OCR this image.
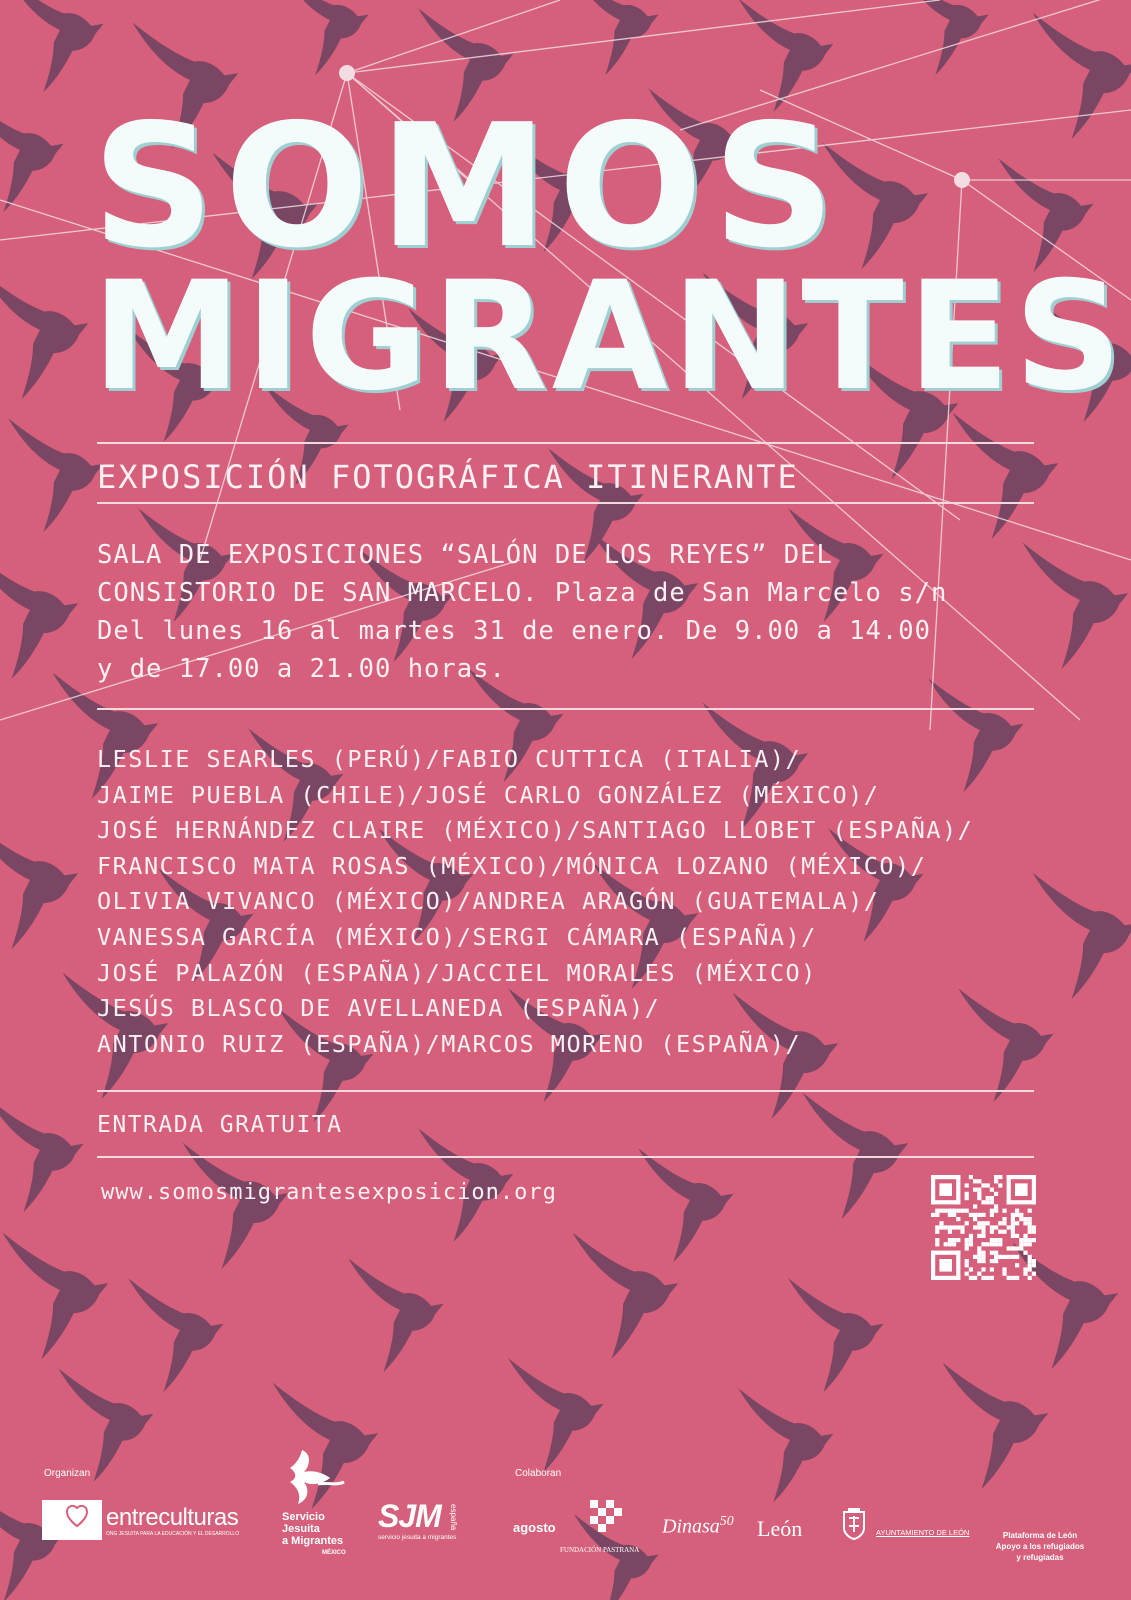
SOMOS
MIGRANTES
EXPOSICIÓN FOTOGRÁFICA ITINERANTE
SALA DE EXPOSICIONES “SALÓN DE LOS REYES” DEL
CONSISTORIO DE SAN MARCELO. Plaza de San Marcelo s/n
Del lunes 16 al martes 31 de enero. De 9.00 a 14.00
y de 17.00 a 21.00 horas.
LESLIE SEARLES (PERÚ)/FABIO CUTTICA (ITALIA)/
JAIME PUEBLA (CHILE)/JOSÉ CARLO GONZÁLEZ (MÉXICO)/
JOSÉ HERNÁNDEZ CLAIRE (MÉXICO)/SANTIAGO LLOBET (ESPAÑA)/
FRANCISCO MATA ROSAS (MÉXICO)/MÓNICA LOZANO (MÉXICO)/
OLIVIA VIVANCO (MÉXICO)/ANDREA ARAGÓN (GUATEMALA)/
VANESSA GARCÍA (MÉXICO)/SERGI CÁMARA (ESPAÑA)/
JOSÉ PALAZÓN (ESPAÑA)/JACCIEL MORALES (MÉXICO)
JESÚS BLASCO DE AVELLANEDA (ESPAÑA)/
ANTONIO RUIZ (ESPAÑA)/MARCOS MORENO (ESPAÑA)/
ENTRADA GRATUITA
www.somosmigrantesexposicion.org
Organizan
entreculturas
ONG JESUITA PARA LA EDUCACIÓN Y EL DESARROLLO
Servicio
Jesuita
a Migrantes
MÉXICO
SJM
servicio jesuita a migrantes
españa
Colaboran
agosto
FUNDACIÓN PASTRANA
Dinasa$^{50}$ León	AYUNTAMIENTO DE LEÓN	Plataforma de León
Apoyo a los refugiados
y refugiadas
